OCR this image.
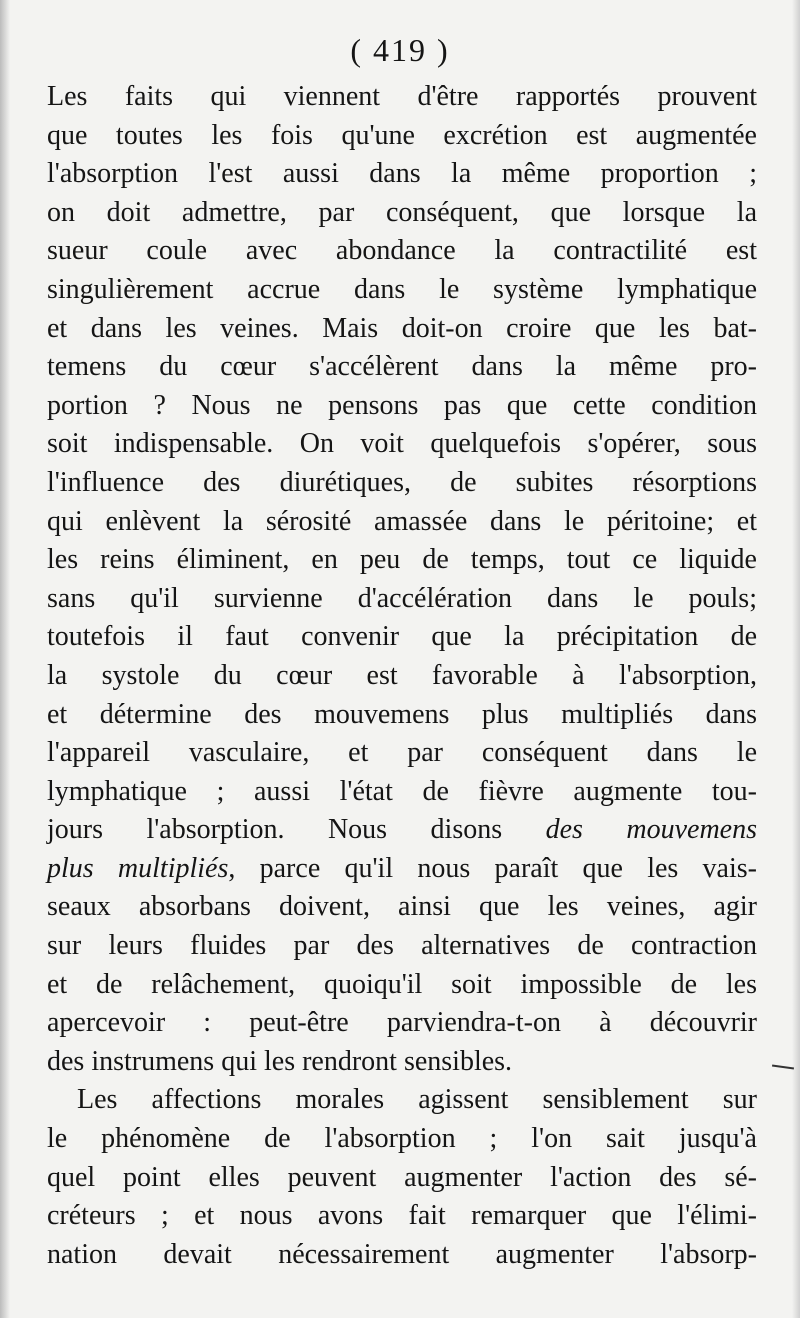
( 419 )
Les faits qui viennent d'être rapportés prouvent
que toutes les fois qu'une excrétion est augmentée
l'absorption l'est aussi dans la même proportion ;
on doit admettre, par conséquent, que lorsque la
sueur coule avec abondance la contractilité est
singulièrement accrue dans le système lymphatique
et dans les veines. Mais doit-on croire que les bat-
temens du cœur s'accélèrent dans la même pro-
portion ? Nous ne pensons pas que cette condition
soit indispensable. On voit quelquefois s'opérer, sous
l'influence des diurétiques, de subites résorptions
qui enlèvent la sérosité amassée dans le péritoine; et
les reins éliminent, en peu de temps, tout ce liquide
sans qu'il survienne d'accélération dans le pouls;
toutefois il faut convenir que la précipitation de
la systole du cœur est favorable à l'absorption,
et détermine des mouvemens plus multipliés dans
l'appareil vasculaire, et par conséquent dans le
lymphatique ; aussi l'état de fièvre augmente tou-
jours l'absorption. Nous disons des mouvemens
plus multipliés, parce qu'il nous paraît que les vais-
seaux absorbans doivent, ainsi que les veines, agir
sur leurs fluides par des alternatives de contraction
et de relâchement, quoiqu'il soit impossible de les
apercevoir : peut-être parviendra-t-on à découvrir
des instrumens qui les rendront sensibles.
Les affections morales agissent sensiblement sur
le phénomène de l'absorption ; l'on sait jusqu'à
quel point elles peuvent augmenter l'action des sé-
créteurs ; et nous avons fait remarquer que l'élimi-
nation devait nécessairement augmenter l'absorp-
